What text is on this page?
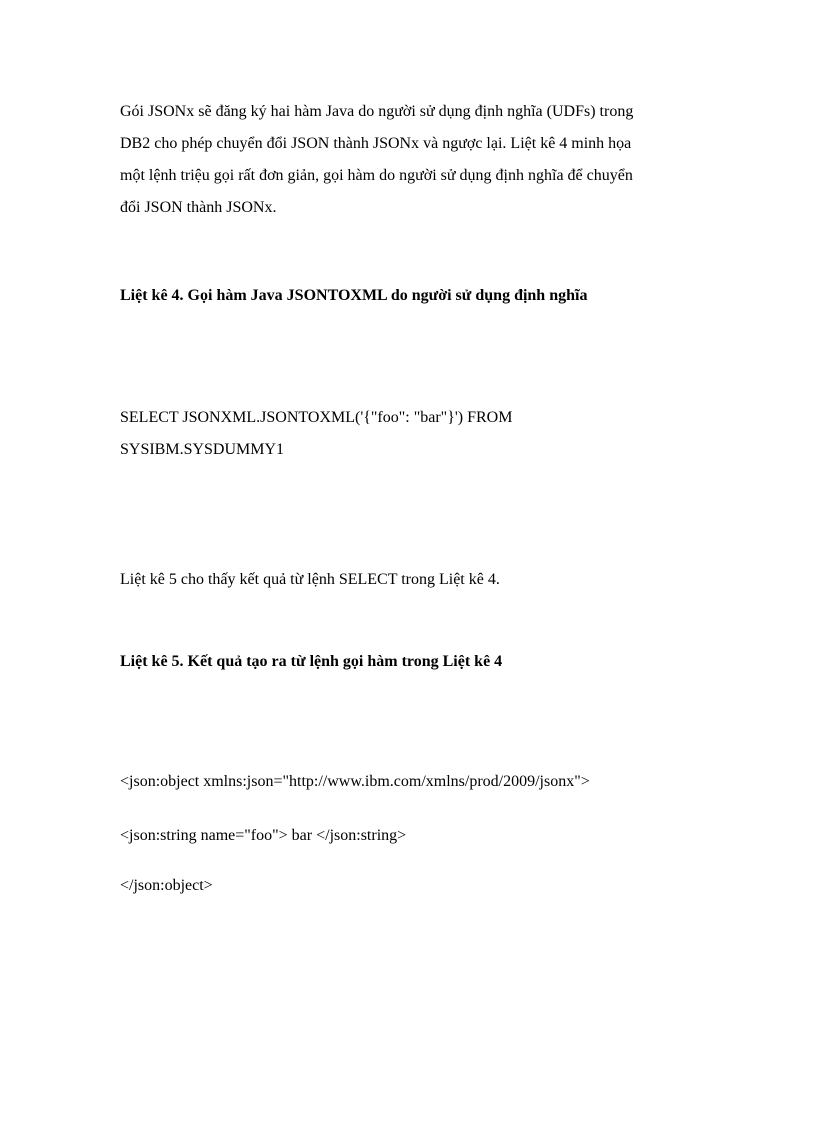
Gói JSONx sẽ đăng ký hai hàm Java do người sử dụng định nghĩa (UDFs) trong
DB2 cho phép chuyển đổi JSON thành JSONx và ngược lại. Liệt kê 4 minh họa
một lệnh triệu gọi rất đơn giản, gọi hàm do người sử dụng định nghĩa để chuyển
đổi JSON thành JSONx.
Liệt kê 4. Gọi hàm Java JSONTOXML do người sử dụng định nghĩa
SELECT JSONXML.JSONTOXML('{"foo": "bar"}') FROM
SYSIBM.SYSDUMMY1
Liệt kê 5 cho thấy kết quả từ lệnh SELECT trong Liệt kê 4.
Liệt kê 5. Kết quả tạo ra từ lệnh gọi hàm trong Liệt kê 4
<json:object xmlns:json="http://www.ibm.com/xmlns/prod/2009/jsonx">
<json:string name="foo"> bar </json:string>
</json:object>
